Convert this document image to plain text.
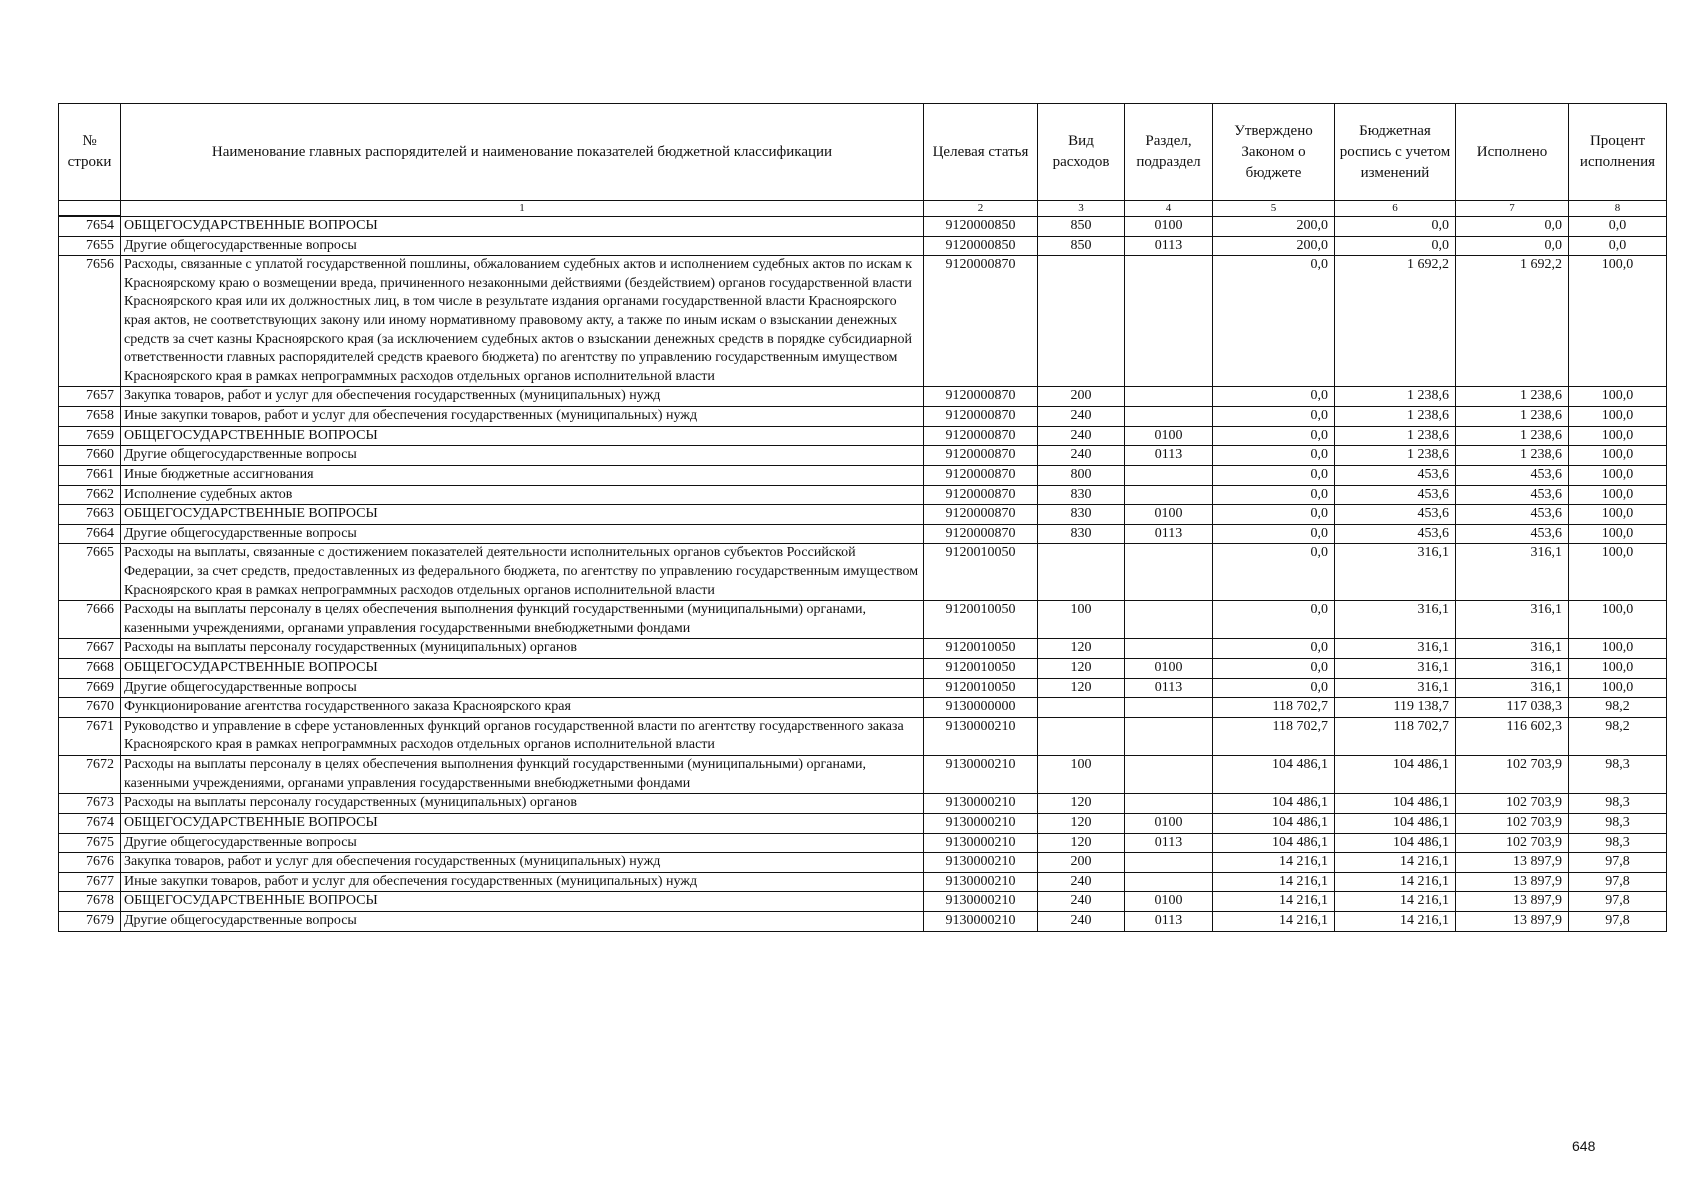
№ строки	Наименование главных распорядителей и наименование показателей бюджетной классификации	Целевая статья	Вид расходов	Раздел, подраздел	Утверждено Законом о бюджете	Бюджетная роспись с учетом изменений	Исполнено	Процент исполнения
	1	2	3	4	5	6	7	8
7654	ОБЩЕГОСУДАРСТВЕННЫЕ ВОПРОСЫ	9120000850	850	0100	200,0	0,0	0,0	0,0
7655	Другие общегосударственные вопросы	9120000850	850	0113	200,0	0,0	0,0	0,0
7656	Расходы, связанные с уплатой государственной пошлины, обжалованием судебных актов и исполнением судебных актов по искам к Красноярскому краю о возмещении вреда, причиненного незаконными действиями (бездействием) органов государственной власти Красноярского края или их должностных лиц, в том числе в результате издания органами государственной власти Красноярского края актов, не соответствующих закону или иному нормативному правовому акту, а также по иным искам о взыскании денежных средств за счет казны Красноярского края (за исключением судебных актов о взыскании денежных средств в порядке субсидиарной ответственности главных распорядителей средств краевого бюджета) по агентству по управлению государственным имуществом Красноярского края в рамках непрограммных расходов отдельных органов исполнительной власти	9120000870			0,0	1 692,2	1 692,2	100,0
7657	Закупка товаров, работ и услуг для обеспечения государственных (муниципальных) нужд	9120000870	200		0,0	1 238,6	1 238,6	100,0
7658	Иные закупки товаров, работ и услуг для обеспечения государственных (муниципальных) нужд	9120000870	240		0,0	1 238,6	1 238,6	100,0
7659	ОБЩЕГОСУДАРСТВЕННЫЕ ВОПРОСЫ	9120000870	240	0100	0,0	1 238,6	1 238,6	100,0
7660	Другие общегосударственные вопросы	9120000870	240	0113	0,0	1 238,6	1 238,6	100,0
7661	Иные бюджетные ассигнования	9120000870	800		0,0	453,6	453,6	100,0
7662	Исполнение судебных актов	9120000870	830		0,0	453,6	453,6	100,0
7663	ОБЩЕГОСУДАРСТВЕННЫЕ ВОПРОСЫ	9120000870	830	0100	0,0	453,6	453,6	100,0
7664	Другие общегосударственные вопросы	9120000870	830	0113	0,0	453,6	453,6	100,0
7665	Расходы на выплаты, связанные с достижением показателей деятельности исполнительных органов субъектов Российской Федерации, за счет средств, предоставленных из федерального бюджета, по агентству по управлению государственным имуществом Красноярского края в рамках непрограммных расходов отдельных органов исполнительной власти	9120010050			0,0	316,1	316,1	100,0
7666	Расходы на выплаты персоналу в целях обеспечения выполнения функций государственными (муниципальными) органами, казенными учреждениями, органами управления государственными внебюджетными фондами	9120010050	100		0,0	316,1	316,1	100,0
7667	Расходы на выплаты персоналу государственных (муниципальных) органов	9120010050	120		0,0	316,1	316,1	100,0
7668	ОБЩЕГОСУДАРСТВЕННЫЕ ВОПРОСЫ	9120010050	120	0100	0,0	316,1	316,1	100,0
7669	Другие общегосударственные вопросы	9120010050	120	0113	0,0	316,1	316,1	100,0
7670	Функционирование агентства государственного заказа Красноярского края	9130000000			118 702,7	119 138,7	117 038,3	98,2
7671	Руководство и управление в сфере установленных функций органов государственной власти по агентству государственного заказа Красноярского края в рамках непрограммных расходов отдельных органов исполнительной власти	9130000210			118 702,7	118 702,7	116 602,3	98,2
7672	Расходы на выплаты персоналу в целях обеспечения выполнения функций государственными (муниципальными) органами, казенными учреждениями, органами управления государственными внебюджетными фондами	9130000210	100		104 486,1	104 486,1	102 703,9	98,3
7673	Расходы на выплаты персоналу государственных (муниципальных) органов	9130000210	120		104 486,1	104 486,1	102 703,9	98,3
7674	ОБЩЕГОСУДАРСТВЕННЫЕ ВОПРОСЫ	9130000210	120	0100	104 486,1	104 486,1	102 703,9	98,3
7675	Другие общегосударственные вопросы	9130000210	120	0113	104 486,1	104 486,1	102 703,9	98,3
7676	Закупка товаров, работ и услуг для обеспечения государственных (муниципальных) нужд	9130000210	200		14 216,1	14 216,1	13 897,9	97,8
7677	Иные закупки товаров, работ и услуг для обеспечения государственных (муниципальных) нужд	9130000210	240		14 216,1	14 216,1	13 897,9	97,8
7678	ОБЩЕГОСУДАРСТВЕННЫЕ ВОПРОСЫ	9130000210	240	0100	14 216,1	14 216,1	13 897,9	97,8
7679	Другие общегосударственные вопросы	9130000210	240	0113	14 216,1	14 216,1	13 897,9	97,8
648
